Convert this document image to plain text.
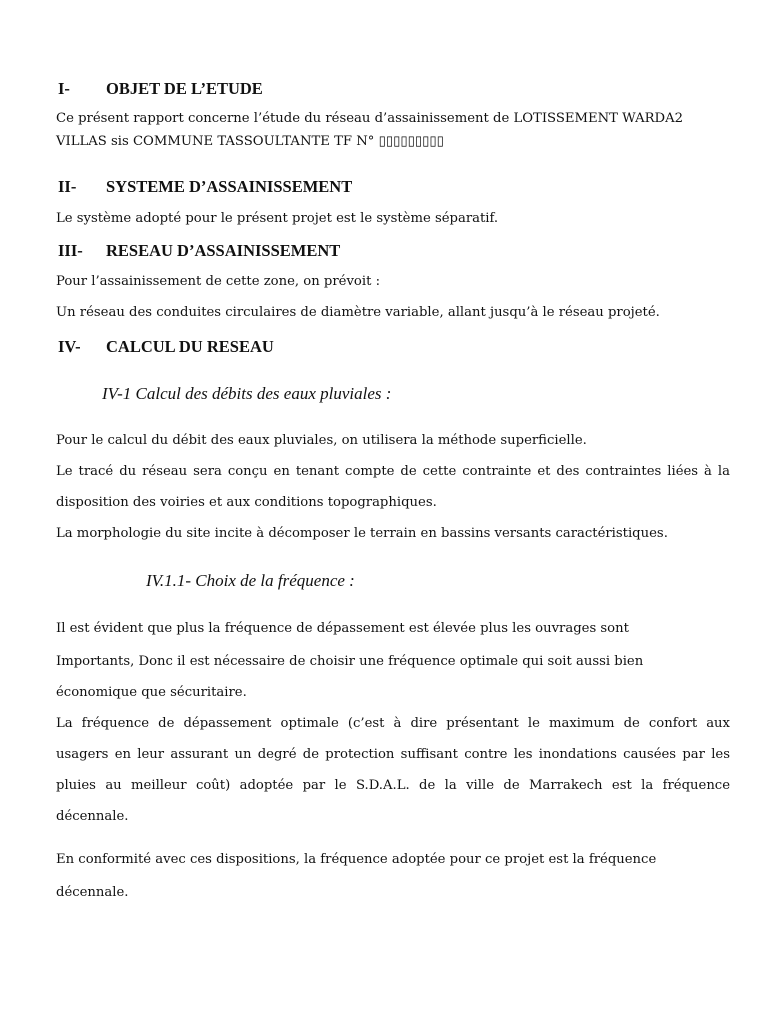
I- OBJET DE L’ETUDE
Ce présent rapport concerne l’étude du réseau d’assainissement de LOTISSEMENT WARDA2
VILLAS sis COMMUNE TASSOULTANTE TF N° ▯▯▯▯▯▯▯▯▯
II- SYSTEME D’ASSAINISSEMENT
Le système adopté pour le présent projet est le système séparatif.
III- RESEAU D’ASSAINISSEMENT
Pour l’assainissement de cette zone, on prévoit :
Un réseau des conduites circulaires de diamètre variable, allant jusqu’à le réseau projeté.
IV- CALCUL DU RESEAU
IV-1 Calcul des débits des eaux pluviales :
Pour le calcul du débit des eaux pluviales, on utilisera la méthode superficielle.
Le tracé du réseau sera conçu en tenant compte de cette contrainte et des contraintes liées à la
disposition des voiries et aux conditions topographiques.
La morphologie du site incite à décomposer le terrain en bassins versants caractéristiques.
IV.1.1- Choix de la fréquence :
Il est évident que plus la fréquence de dépassement est élevée plus les ouvrages sont
Importants, Donc il est nécessaire de choisir une fréquence optimale qui soit aussi bien
économique que sécuritaire.
La fréquence de dépassement optimale (c’est à dire présentant le maximum de confort aux
usagers en leur assurant un degré de protection suffisant contre les inondations causées par les
pluies au meilleur coût) adoptée par le S.D.A.L. de la ville de Marrakech est la fréquence
décennale.
En conformité avec ces dispositions, la fréquence adoptée pour ce projet est la fréquence
décennale.
